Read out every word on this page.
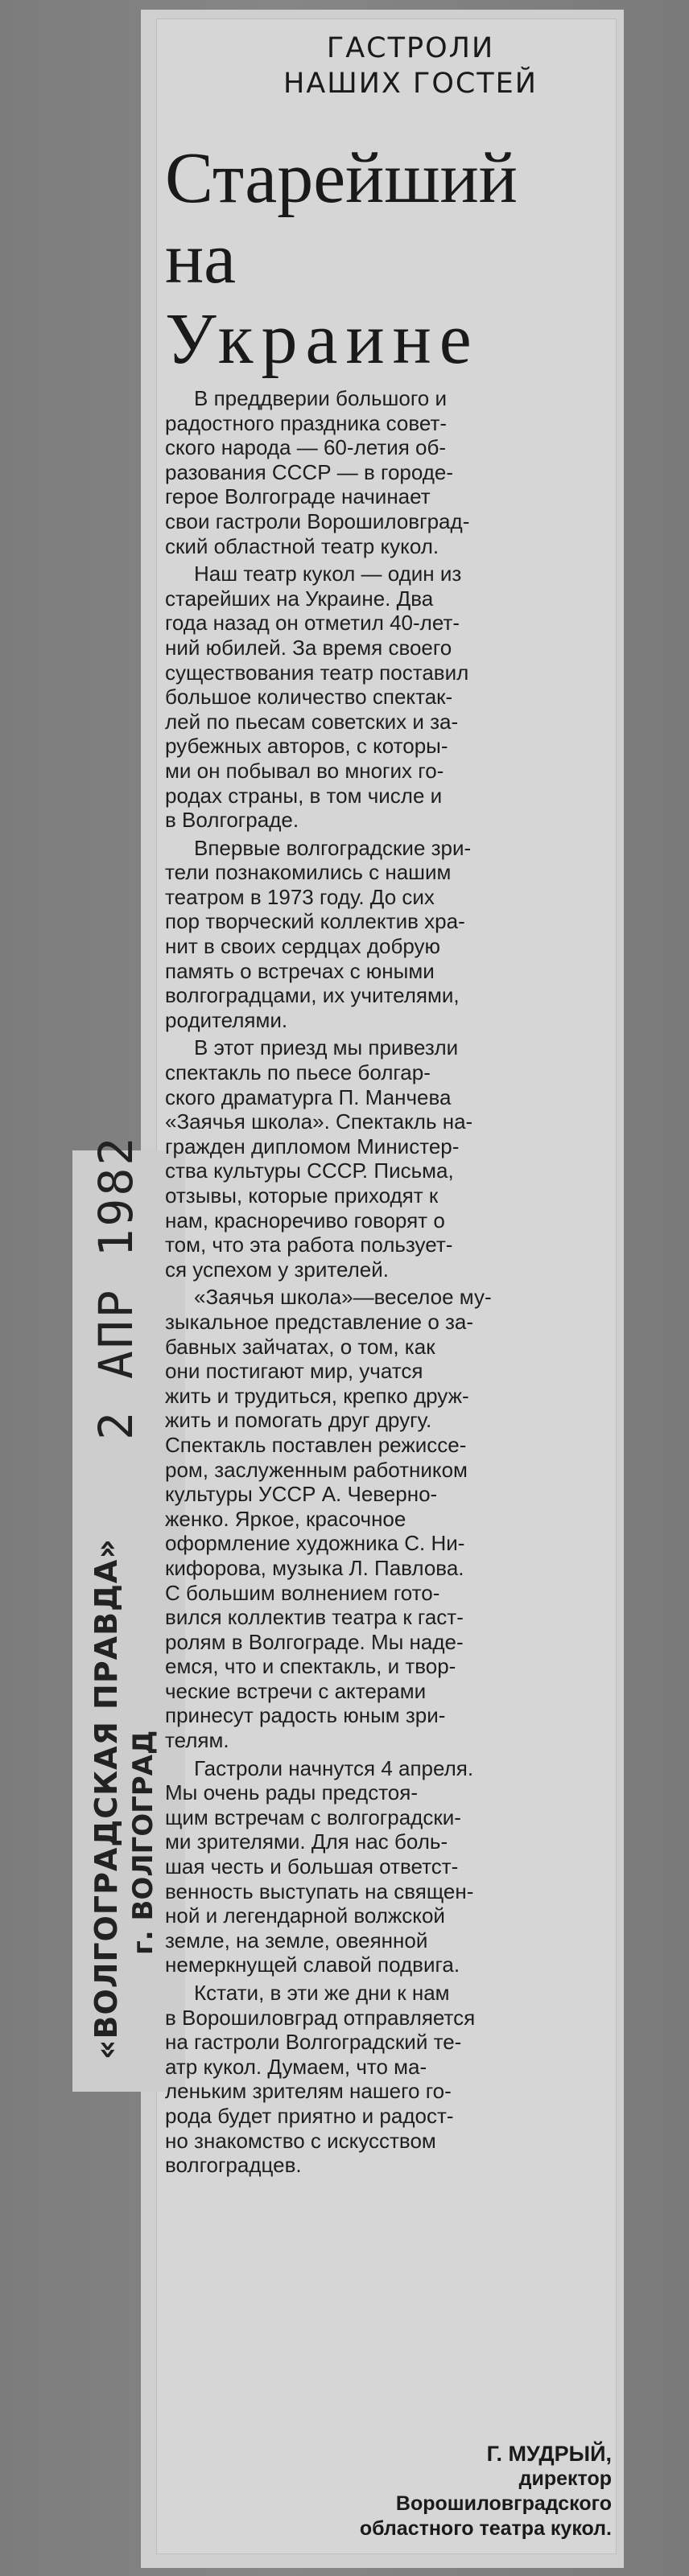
2 АПР 1982
«ВОЛГОГРАДСКАЯ ПРАВДА» г. ВОЛГОГРАД
ГАСТРОЛИ
НАШИХ ГОСТЕЙ
Старейший
на
Украине
В преддверии большого и
радостного праздника совет-
ского народа — 60-летия об-
разования СССР — в городе-
герое Волгограде начинает
свои гастроли Ворошиловград-
ский областной театр кукол.
Наш театр кукол — один из
старейших на Украине. Два
года назад он отметил 40-лет-
ний юбилей. За время своего
существования театр поставил
большое количество спектак-
лей по пьесам советских и за-
рубежных авторов, с которы-
ми он побывал во многих го-
родах страны, в том числе и
в Волгограде.
Впервые волгоградские зри-
тели познакомились с нашим
театром в 1973 году. До сих
пор творческий коллектив хра-
нит в своих сердцах добрую
память о встречах с юными
волгоградцами, их учителями,
родителями.
В этот приезд мы привезли
спектакль по пьесе болгар-
ского драматурга П. Манчева
«Заячья школа». Спектакль на-
гражден дипломом Министер-
ства культуры СССР. Письма,
отзывы, которые приходят к
нам, красноречиво говорят о
том, что эта работа пользует-
ся успехом у зрителей.
«Заячья школа»—веселое му-
зыкальное представление о за-
бавных зайчатах, о том, как
они постигают мир, учатся
жить и трудиться, крепко друж-
жить и помогать друг другу.
Спектакль поставлен режиссе-
ром, заслуженным работником
культуры УССР А. Чеверно-
женко. Яркое, красочное
оформление художника С. Ни-
кифорова, музыка Л. Павлова.
С большим волнением гото-
вился коллектив театра к гаст-
ролям в Волгограде. Мы наде-
емся, что и спектакль, и твор-
ческие встречи с актерами
принесут радость юным зри-
телям.
Гастроли начнутся 4 апреля.
Мы очень рады предстоя-
щим встречам с волгоградски-
ми зрителями. Для нас боль-
шая честь и большая ответст-
венность выступать на священ-
ной и легендарной волжской
земле, на земле, овеянной
немеркнущей славой подвига.
Кстати, в эти же дни к нам
в Ворошиловград отправляется
на гастроли Волгоградский те-
атр кукол. Думаем, что ма-
леньким зрителям нашего го-
рода будет приятно и радост-
но знакомство с искусством
волгоградцев.
Г. МУДРЫЙ,
директор
Ворошиловградского
областного театра кукол.
